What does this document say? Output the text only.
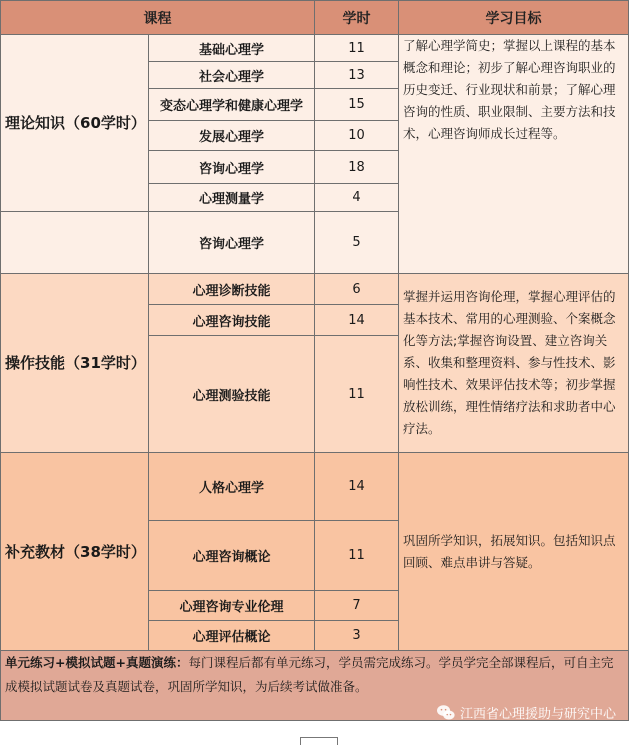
课程		学时	学习目标
理论知识（60学时）	基础心理学	11	了解心理学简史；掌握以上课程的基本概念和理论；初步了解心理咨询职业的历史变迁、行业现状和前景；了解心理咨询的性质、职业限制、主要方法和技术，心理咨询师成长过程等。
	社会心理学	13	
	变态心理学和健康心理学	15	
	发展心理学	10	
	咨询心理学	18	
	心理测量学	4	
	咨询心理学	5	
操作技能（31学时）	心理诊断技能	6	掌握并运用咨询伦理，掌握心理评估的基本技术、常用的心理测验、个案概念化等方法;掌握咨询设置、建立咨询关系、收集和整理资料、参与性技术、影响性技术、效果评估技术等；初步掌握放松训练，理性情绪疗法和求助者中心疗法。
	心理咨询技能	14	
	心理测验技能	11	
补充教材（38学时）	人格心理学	14	巩固所学知识，拓展知识。包括知识点回顾、难点串讲与答疑。
	心理咨询概论	11	
	心理咨询专业伦理	7	
	心理评估概论	3	
单元练习+模拟试题+真题演练：每门课程后都有单元练习，学员需完成练习。学员学完全部课程后，可自主完成模拟试题试卷及真题试卷，巩固所学知识，为后续考试做准备。			
江西省心理援助与研究中心
